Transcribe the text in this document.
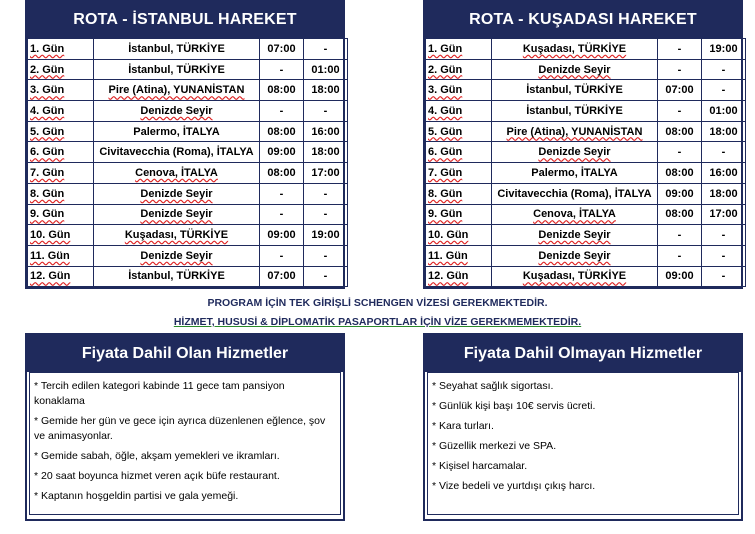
ROTA - İSTANBUL HAREKET
1. Gün	İstanbul, TÜRKİYE	07:00	-
2. Gün	İstanbul, TÜRKİYE	-	01:00
3. Gün	Pire (Atina), YUNANİSTAN	08:00	18:00
4. Gün	Denizde Seyir	-	-
5. Gün	Palermo, İTALYA	08:00	16:00
6. Gün	Civitavecchia (Roma), İTALYA	09:00	18:00
7. Gün	Cenova, İTALYA	08:00	17:00
8. Gün	Denizde Seyir	-	-
9. Gün	Denizde Seyir	-	-
10. Gün	Kuşadası, TÜRKİYE	09:00	19:00
11. Gün	Denizde Seyir	-	-
12. Gün	İstanbul, TÜRKİYE	07:00	-
ROTA - KUŞADASI HAREKET
1. Gün	Kuşadası, TÜRKİYE	-	19:00
2. Gün	Denizde Seyir	-	-
3. Gün	İstanbul, TÜRKİYE	07:00	-
4. Gün	İstanbul, TÜRKİYE	-	01:00
5. Gün	Pire (Atina), YUNANİSTAN	08:00	18:00
6. Gün	Denizde Seyir	-	-
7. Gün	Palermo, İTALYA	08:00	16:00
8. Gün	Civitavecchia (Roma), İTALYA	09:00	18:00
9. Gün	Cenova, İTALYA	08:00	17:00
10. Gün	Denizde Seyir	-	-
11. Gün	Denizde Seyir	-	-
12. Gün	Kuşadası, TÜRKİYE	09:00	-
PROGRAM İÇİN TEK GİRİŞLİ SCHENGEN VİZESİ GEREKMEKTEDİR.
HİZMET, HUSUSİ & DİPLOMATİK PASAPORTLAR İÇİN VİZE GEREKMEMEKTEDİR.
Fiyata Dahil Olan Hizmetler
* Tercih edilen kategori kabinde 11 gece tam pansiyon konaklama
* Gemide her gün ve gece için ayrıca düzenlenen eğlence, şov ve animasyonlar.
* Gemide sabah, öğle, akşam yemekleri ve ikramları.
* 20 saat boyunca hizmet veren açık büfe restaurant.
* Kaptanın hoşgeldin partisi ve gala yemeği.
Fiyata Dahil Olmayan Hizmetler
* Seyahat sağlık sigortası.
* Günlük kişi başı 10€ servis ücreti.
* Kara turları.
* Güzellik merkezi ve SPA.
* Kişisel harcamalar.
* Vize bedeli ve yurtdışı çıkış harcı.
